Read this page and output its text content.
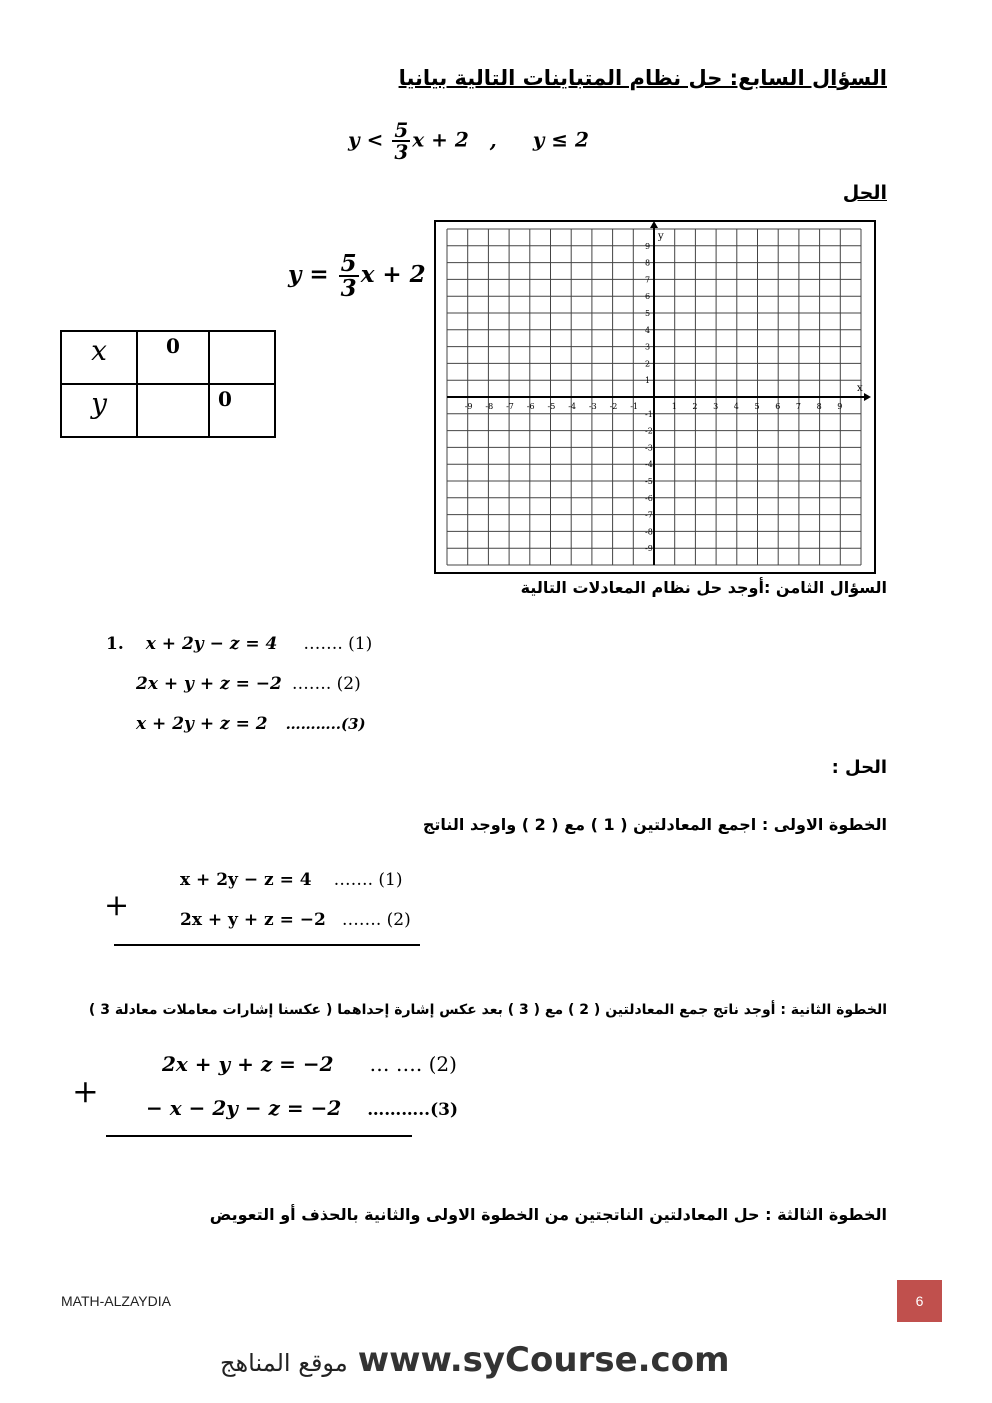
السؤال السابع: حل نظام المتباينات التالية بيانيا
$y < \frac{5}{3}$ x + 2 , y ≤ 2
الحل
$y = \frac{5}{3}$ x + 2
x	0	
y		0	x
y
-9 -8 -7 -6 -5 -4 -3 -2 -1	1 2 3 4 5 6 7 8 9
9
8
7
6
5
4
3
2
1
-1
-2
-3
-4
-5
-6
-7
-8
-9
السؤال الثامن :أوجد حل نظام المعادلات التالية
1. x + 2y − z = 4 ……. (1)
2x + y + z = −2 ……. (2)
x + 2y + z = 2 ………..(3)
الحل :
الخطوة الاولى : اجمع المعادلتين ( 1 ) مع ( 2 ) واوجد الناتج
x + 2y − z = 4 ……. (1)
2x + y + z = −2 ……. (2)
+
الخطوة الثانية : أوجد ناتج جمع المعادلتين ( 2 ) مع ( 3 ) بعد عكس إشارة إحداهما ( عكسنا إشارات معاملات معادلة 3 )
2x + y + z = −2 … …. (2)
− x − 2y − z = −2 ………..(3)
+
الخطوة الثالثة : حل المعادلتين الناتجتين من الخطوة الاولى والثانية بالحذف أو التعويض
MATH-ALZAYDIA	6
موقع المناهج www.syCourse.com
